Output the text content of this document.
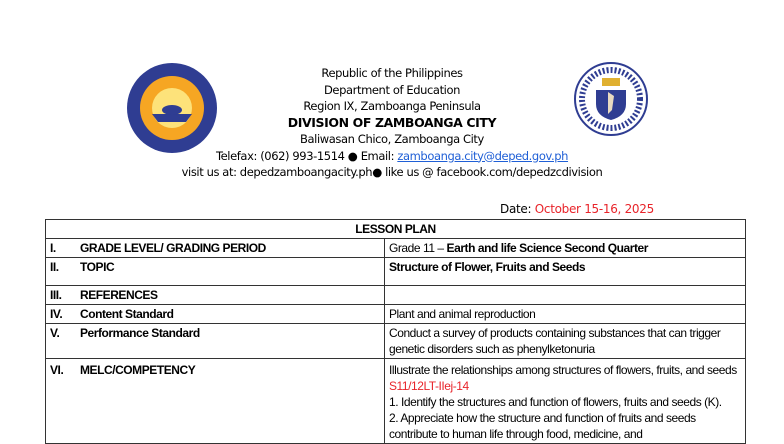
Republic of the Philippines
Department of Education
Region IX, Zamboanga Peninsula
DIVISION OF ZAMBOANGA CITY
Baliwasan Chico, Zamboanga City
Telefax: (062) 993-1514 ● Email: zamboanga.city@deped.gov.ph
visit us at: depedzamboangacity.ph● like us @ facebook.com/depedzcdivision
Date: October 15-16, 2025
LESSON PLAN	
I. GRADE LEVEL/ GRADING PERIOD	Grade 11 – Earth and life Science Second Quarter
II. TOPIC	Structure of Flower, Fruits and Seeds
III. REFERENCES	
IV. Content Standard	Plant and animal reproduction
V. Performance Standard	Conduct a survey of products containing substances that can trigger genetic disorders such as phenylketonuria
VI. MELC/COMPETENCY	Illustrate the relationships among structures of flowers, fruits, and seeds S11/12LT-IIej-14
1. Identify the structures and function of flowers, fruits and seeds (K).
2. Appreciate how the structure and function of fruits and seeds contribute to human life through food, medicine, and
